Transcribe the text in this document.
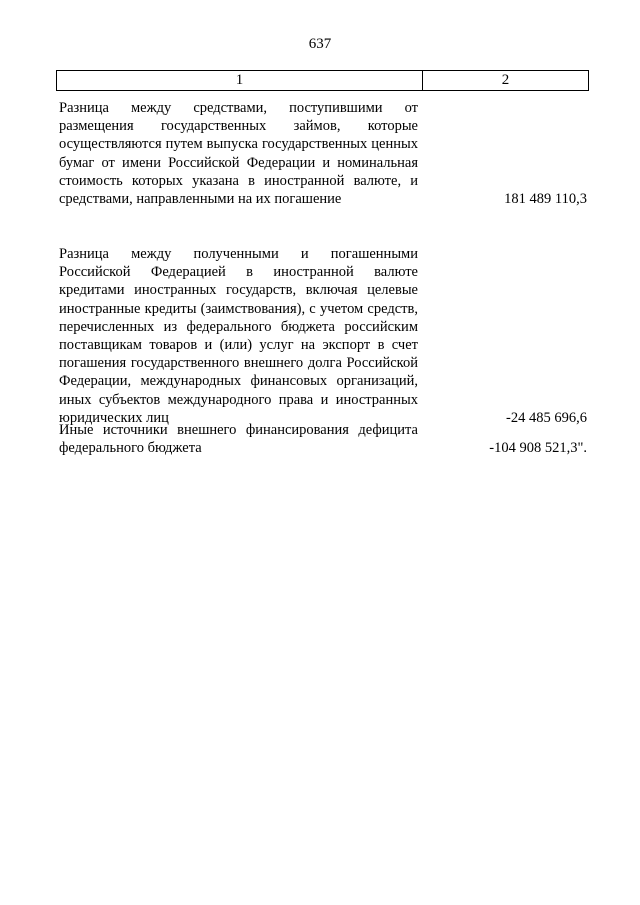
637
1	2
Разница между средствами, поступившими от размещения государственных займов, которые осуществляются путем выпуска государственных ценных бумаг от имени Российской Федерации и номинальная стоимость которых указана в иностранной валюте, и средствами, направленными на их погашение	181 489 110,3
Разница между полученными и погашенными Российской Федерацией в иностранной валюте кредитами иностранных государств, включая целевые иностранные кредиты (заимствования), с учетом средств, перечисленных из федерального бюджета российским поставщикам товаров и (или) услуг на экспорт в счет погашения государственного внешнего долга Российской Федерации, международных финансовых организаций, иных субъектов международного права и иностранных юридических лиц	-24 485 696,6
Иные источники внешнего финансирования дефицита федерального бюджета	-104 908 521,3".
